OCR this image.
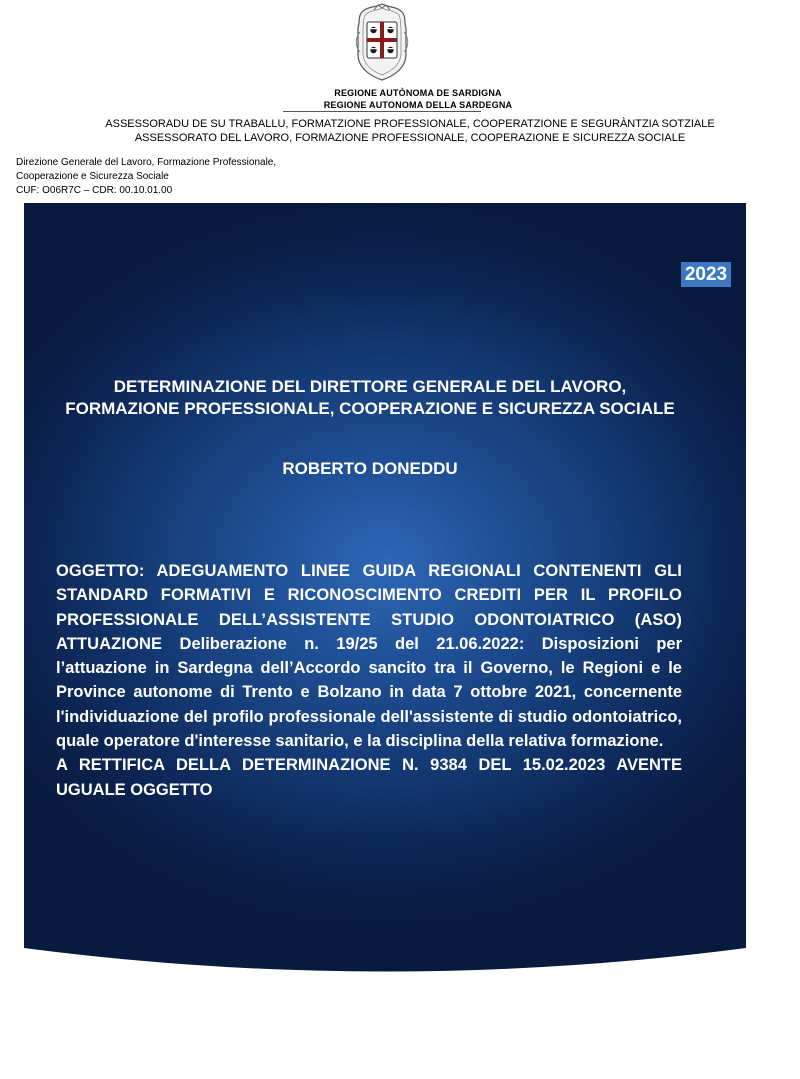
REGIONE AUTÒNOMA DE SARDIGNA
REGIONE AUTONOMA DELLA SARDEGNA
ASSESSORADU DE SU TRABALLU, FORMATZIONE PROFESSIONALE, COOPERATZIONE E SEGURÀNTZIA SOTZIALE
ASSESSORATO DEL LAVORO, FORMAZIONE PROFESSIONALE, COOPERAZIONE E SICUREZZA SOCIALE
Direzione Generale del Lavoro, Formazione Professionale,
Cooperazione e Sicurezza Sociale
CUF: O06R7C – CDR: 00.10.01.00
2023
DETERMINAZIONE DEL DIRETTORE GENERALE DEL LAVORO, FORMAZIONE PROFESSIONALE, COOPERAZIONE E SICUREZZA SOCIALE
ROBERTO DONEDDU

OGGETTO: ADEGUAMENTO LINEE GUIDA REGIONALI CONTENENTI GLI STANDARD FORMATIVI E RICONOSCIMENTO CREDITI PER IL PROFILO PROFESSIONALE DELL’ASSISTENTE STUDIO ODONTOIATRICO (ASO) ATTUAZIONE Deliberazione n. 19/25 del 21.06.2022: Disposizioni per l’attuazione in Sardegna dell’Accordo sancito tra il Governo, le Regioni e le Province autonome di Trento e Bolzano in data 7 ottobre 2021, concernente l'individuazione del profilo professionale dell'assistente di studio odontoiatrico, quale operatore d'interesse sanitario, e la disciplina della relativa formazione.

A RETTIFICA DELLA DETERMINAZIONE N. 9384 DEL 15.02.2023 AVENTE UGUALE OGGETTO
